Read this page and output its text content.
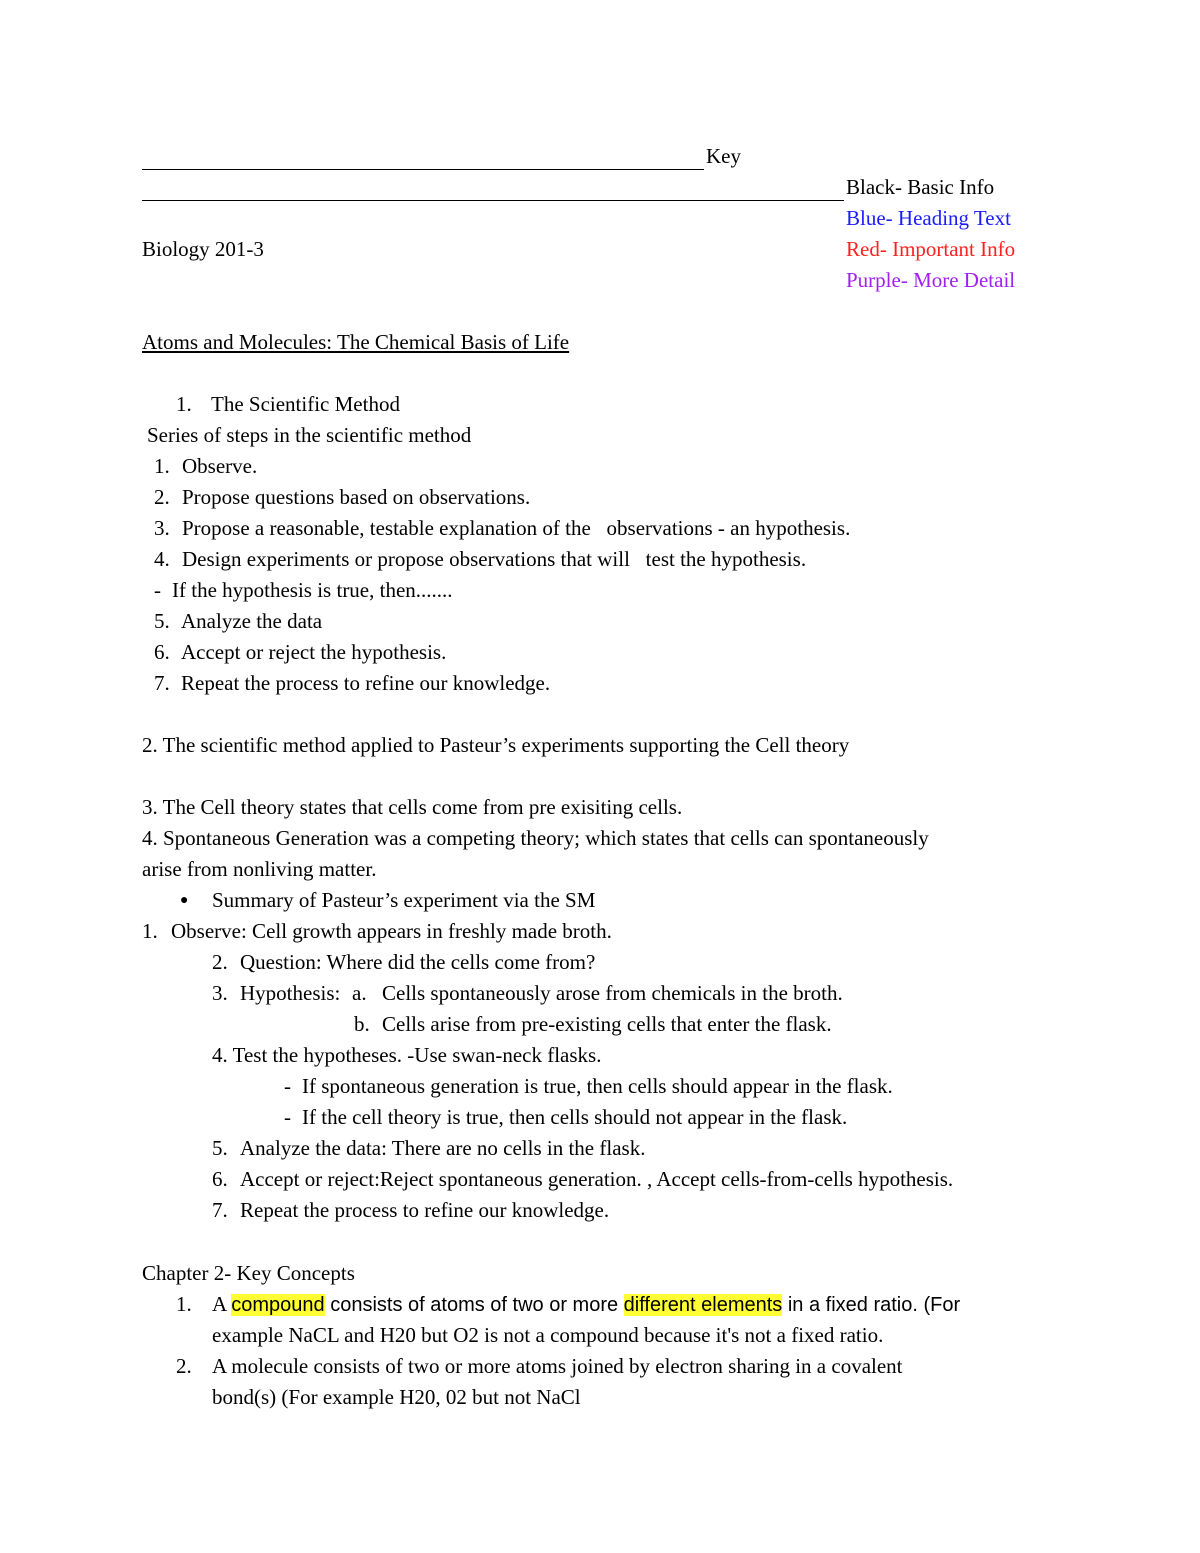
Key
Black- Basic Info
Blue- Heading Text
Red- Important Info
Purple- More Detail
Biology 201-3
Atoms and Molecules: The Chemical Basis of Life
1. The Scientific Method
Series of steps in the scientific method
1. Observe.
2. Propose questions based on observations.
3. Propose a reasonable, testable explanation of the   observations - an hypothesis.
4. Design experiments or propose observations that will   test the hypothesis.
- If the hypothesis is true, then.......
5. Analyze the data
6. Accept or reject the hypothesis.
7. Repeat the process to refine our knowledge.
2. The scientific method applied to Pasteur’s experiments supporting the Cell theory
3. The Cell theory states that cells come from pre exisiting cells.
4. Spontaneous Generation was a competing theory; which states that cells can spontaneously
arise from nonliving matter.
● Summary of Pasteur’s experiment via the SM
1. Observe: Cell growth appears in freshly made broth.
2. Question: Where did the cells come from?
3. Hypothesis: a. Cells spontaneously arose from chemicals in the broth.
b. Cells arise from pre-existing cells that enter the flask.
4. Test the hypotheses. -Use swan-neck flasks.
- If spontaneous generation is true, then cells should appear in the flask.
- If the cell theory is true, then cells should not appear in the flask.
5. Analyze the data: There are no cells in the flask.
6. Accept or reject:Reject spontaneous generation. , Accept cells-from-cells hypothesis.
7. Repeat the process to refine our knowledge.
Chapter 2- Key Concepts
1. A compound consists of atoms of two or more different elements in a fixed ratio. (For
example NaCL and H20 but O2 is not a compound because it's not a fixed ratio.
2. A molecule consists of two or more atoms joined by electron sharing in a covalent
bond(s) (For example H20, 02 but not NaCl
